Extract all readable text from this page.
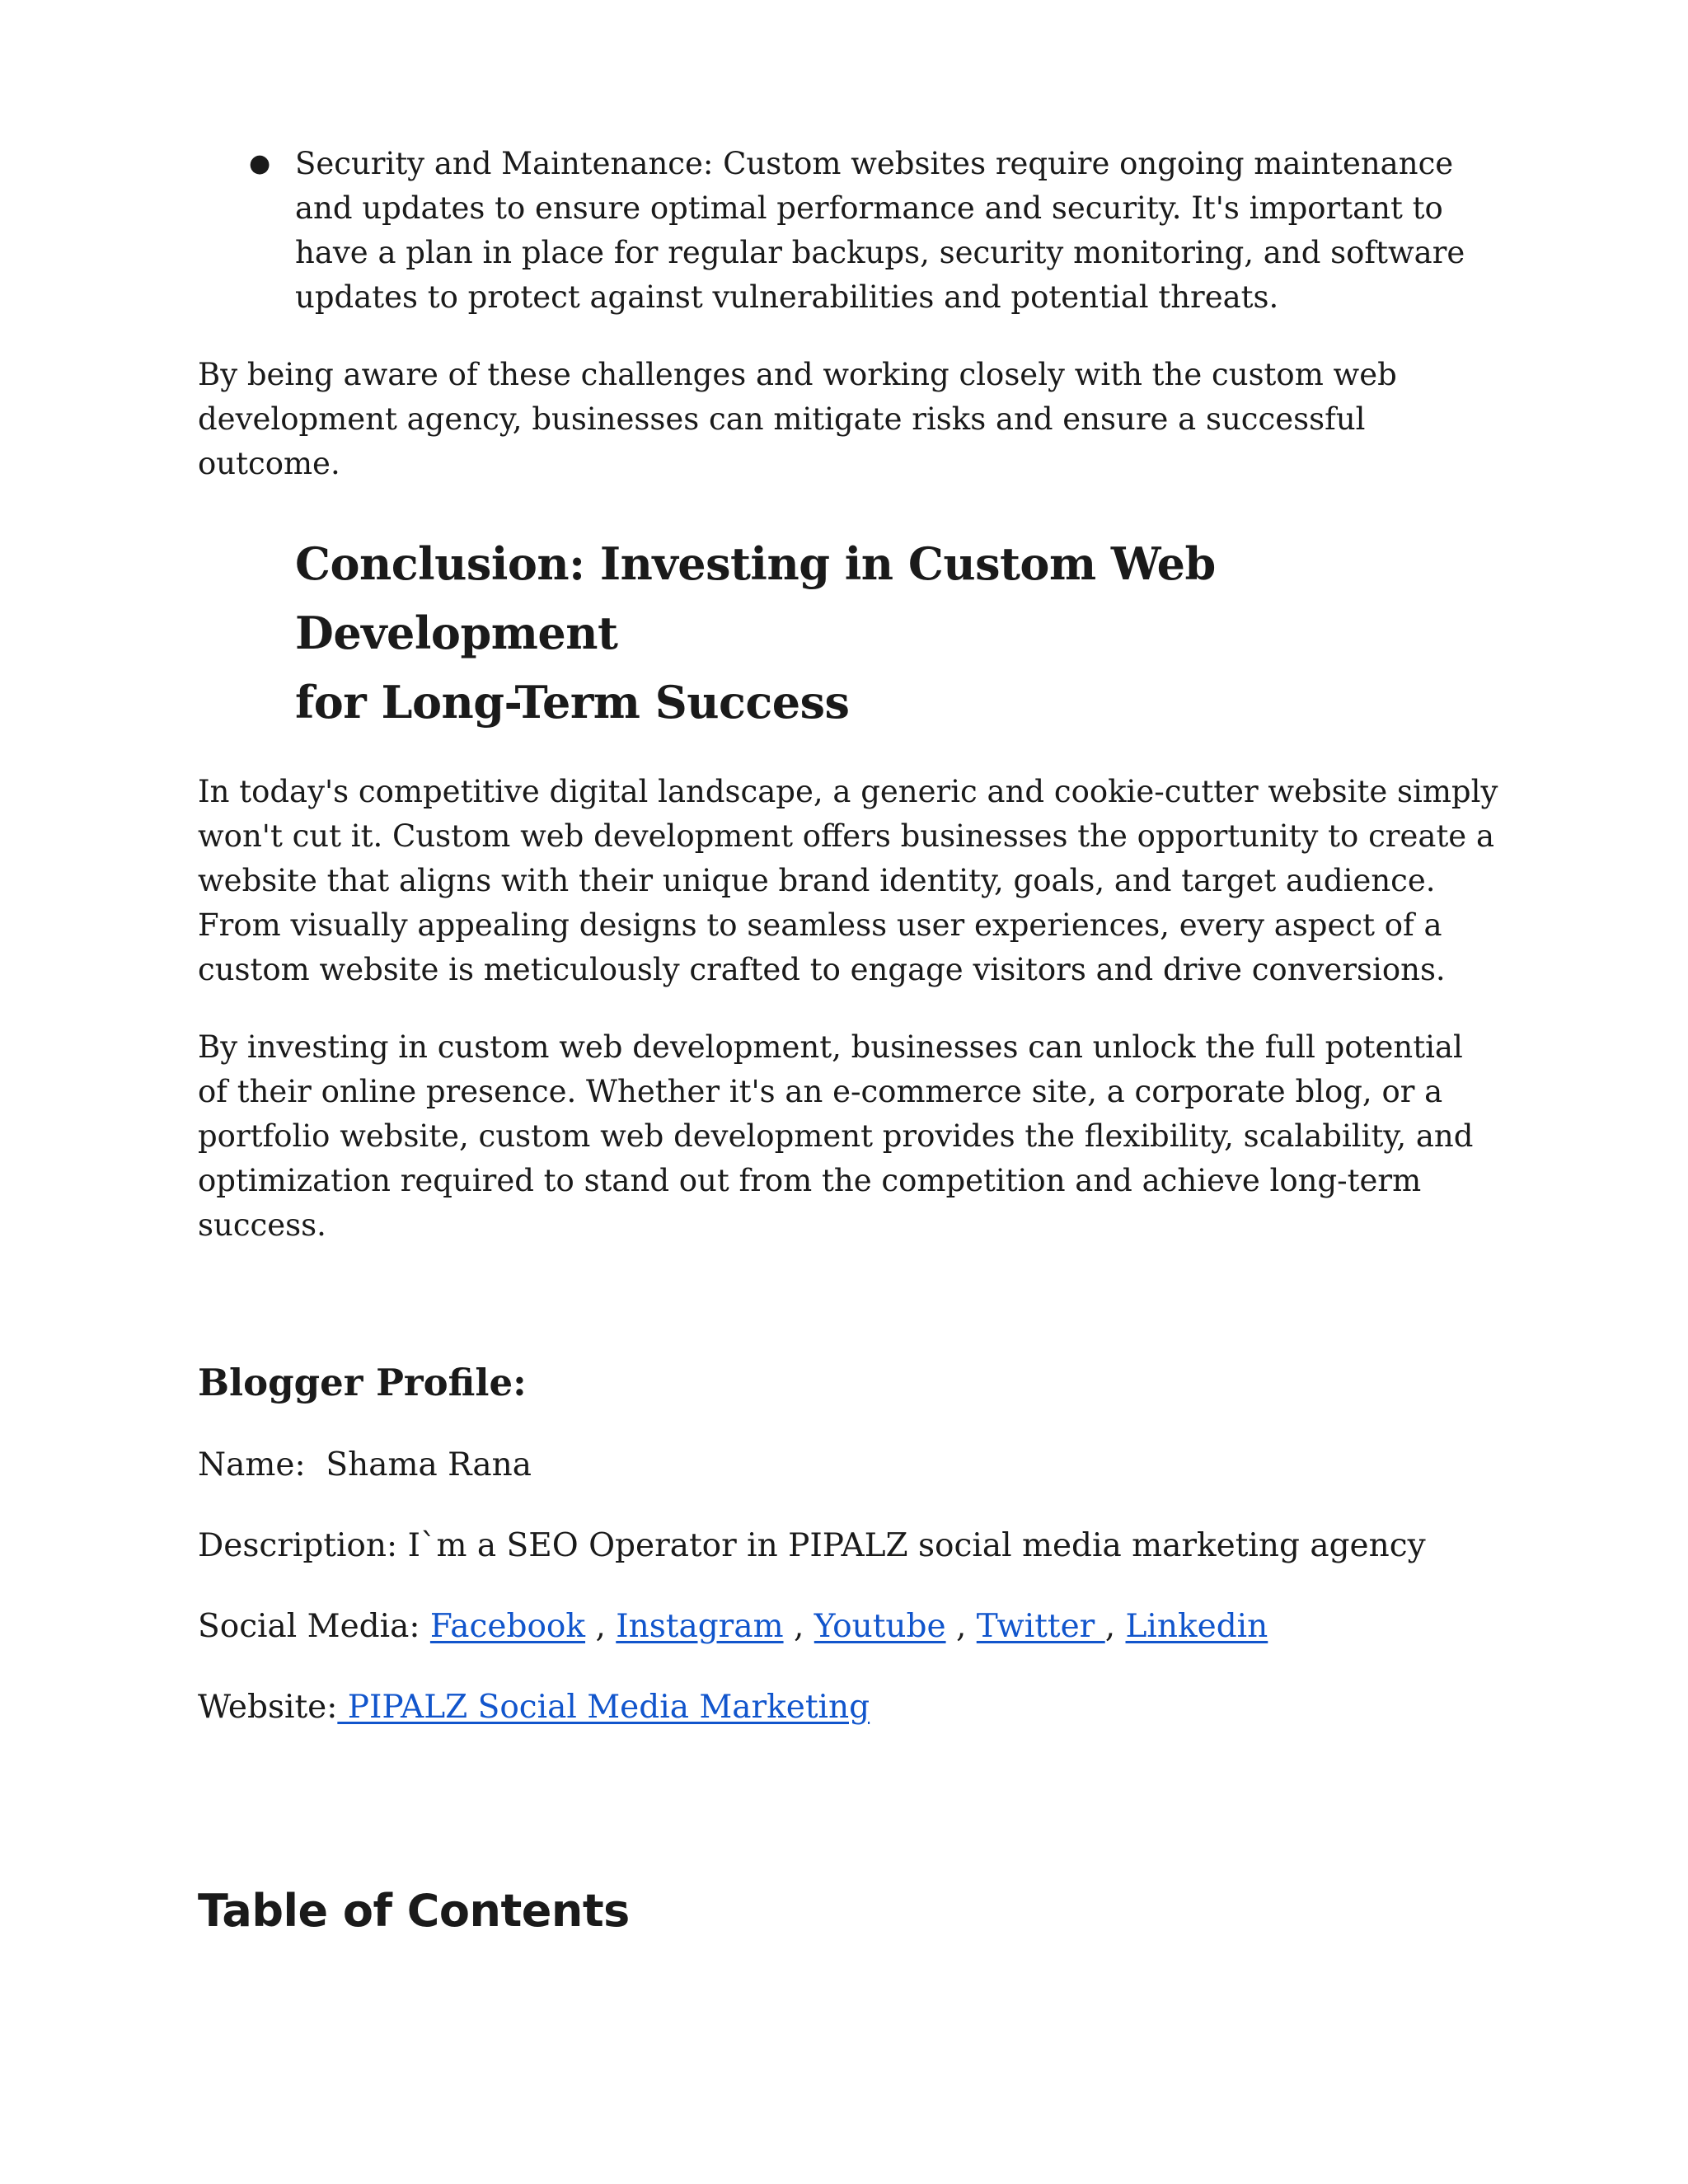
● Security and Maintenance: Custom websites require ongoing maintenance and updates to ensure optimal performance and security. It's important to have a plan in place for regular backups, security monitoring, and software updates to protect against vulnerabilities and potential threats.

By being aware of these challenges and working closely with the custom web development agency, businesses can mitigate risks and ensure a successful outcome.

Conclusion: Investing in Custom Web Development
for Long-Term Success

In today's competitive digital landscape, a generic and cookie-cutter website simply won't cut it. Custom web development offers businesses the opportunity to create a website that aligns with their unique brand identity, goals, and target audience. From visually appealing designs to seamless user experiences, every aspect of a custom website is meticulously crafted to engage visitors and drive conversions.

By investing in custom web development, businesses can unlock the full potential of their online presence. Whether it's an e-commerce site, a corporate blog, or a portfolio website, custom web development provides the flexibility, scalability, and optimization required to stand out from the competition and achieve long-term success.

Blogger Profile:

Name: Shama Rana

Description: I`m a SEO Operator in PIPALZ social media marketing agency

Social Media: Facebook , Instagram , Youtube , Twitter , Linkedin

Website: PIPALZ Social Media Marketing

Table of Contents
